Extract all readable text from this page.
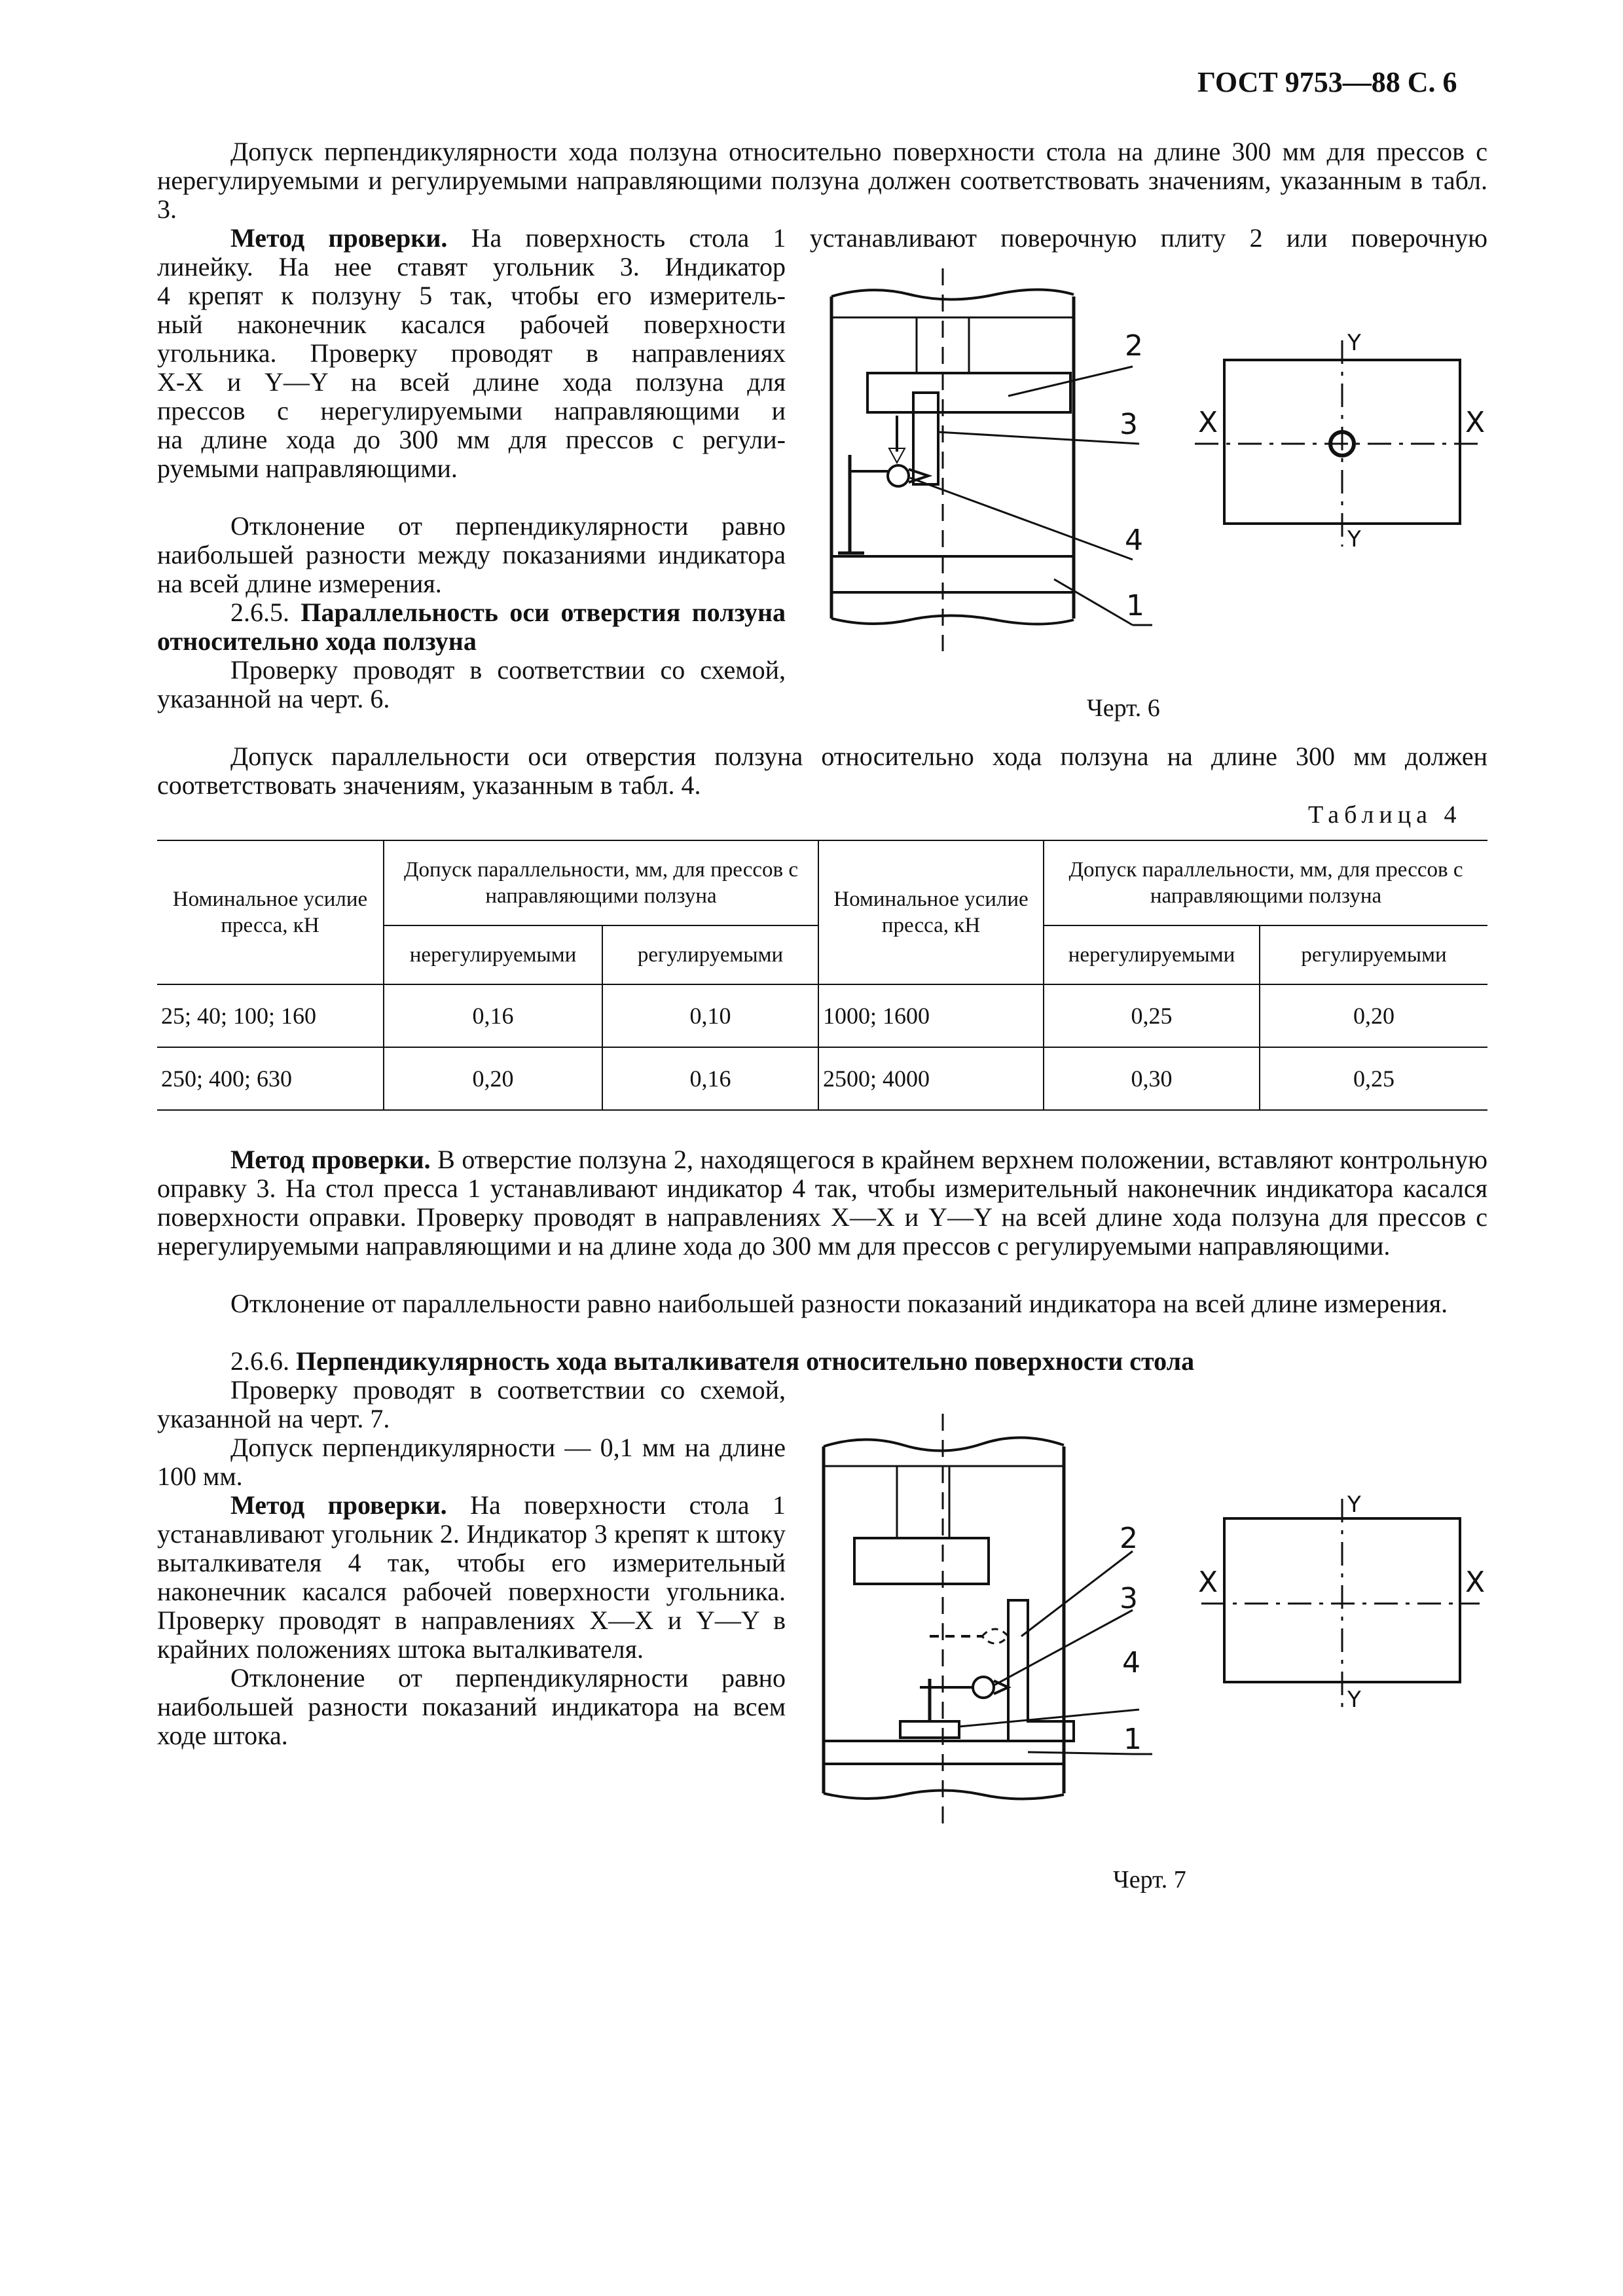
ГОСТ 9753—88 С. 6

Допуск перпендикулярности хода ползуна относительно поверхности стола на длине 300 мм для прессов с нерегулируемыми и регулируемыми направляющими ползуна должен соответствовать значениям, указанным в табл. 3.

Метод проверки. На поверхность стола 1 устанавливают поверочную плиту 2 или поверочную

линейку. На нее ставят угольник 3. Индикатор
4 крепят к ползуну 5 так, чтобы его измеритель-
ный наконечник касался рабочей поверхности
угольника. Проверку проводят в направлениях
X-X и Y—Y на всей длине хода ползуна для
прессов с нерегулируемыми направляющими и
на длине хода до 300 мм для прессов с регули-
руемыми направляющими.

Отклонение от перпендикулярности равно наибольшей разности между показаниями индикатора на всей длине измерения.

2.6.5. Параллельность оси отверстия ползуна относительно хода ползуна

Проверку проводят в соответствии со схемой, указанной на черт. 6.	Черт. 6

Допуск параллельности оси отверстия ползуна относительно хода ползуна на длине 300 мм должен соответствовать значениям, указанным в табл. 4.

Таблица 4
2
3
4
1
X	X
Y
Y
Номинальное усилие пресса, кН	Допуск параллельности, мм, для прессов с направляющими ползуна		Номинальное усилие пресса, кН	Допуск параллельности, мм, для прессов с направляющими ползуна	
	нерегулируемыми	регулируемыми		нерегулируемыми	регулируемыми
25; 40; 100; 160	0,16	0,10	1000; 1600	0,25	0,20
250; 400; 630	0,20	0,16	2500; 4000	0,30	0,25

Метод проверки. В отверстие ползуна 2, находящегося в крайнем верхнем положении, вставляют контрольную оправку 3. На стол пресса 1 устанавливают индикатор 4 так, чтобы измерительный наконечник индикатора касался поверхности оправки. Проверку проводят в направлениях X—X и Y—Y на всей длине хода ползуна для прессов с нерегулируемыми направляющими и на длине хода до 300 мм для прессов с регулируемыми направляющими.

Отклонение от параллельности равно наибольшей разности показаний индикатора на всей длине измерения.

2.6.6. Перпендикулярность хода выталкивателя относительно поверхности стола

Проверку проводят в соответствии со схемой, указанной на черт. 7.

Допуск перпендикулярности — 0,1 мм на длине 100 мм.

Метод проверки. На поверхности стола 1 устанавливают угольник 2. Индикатор 3 крепят к штоку выталкивателя 4 так, чтобы его измерительный наконечник касался рабочей поверхности угольника. Проверку проводят в направлениях X—X и Y—Y в крайних положениях штока выталкивателя.

Отклонение от перпендикулярности равно наибольшей разности показаний индикатора на всем ходе штока.

2
3
4
1
X	X
Y
Y
Черт. 7
